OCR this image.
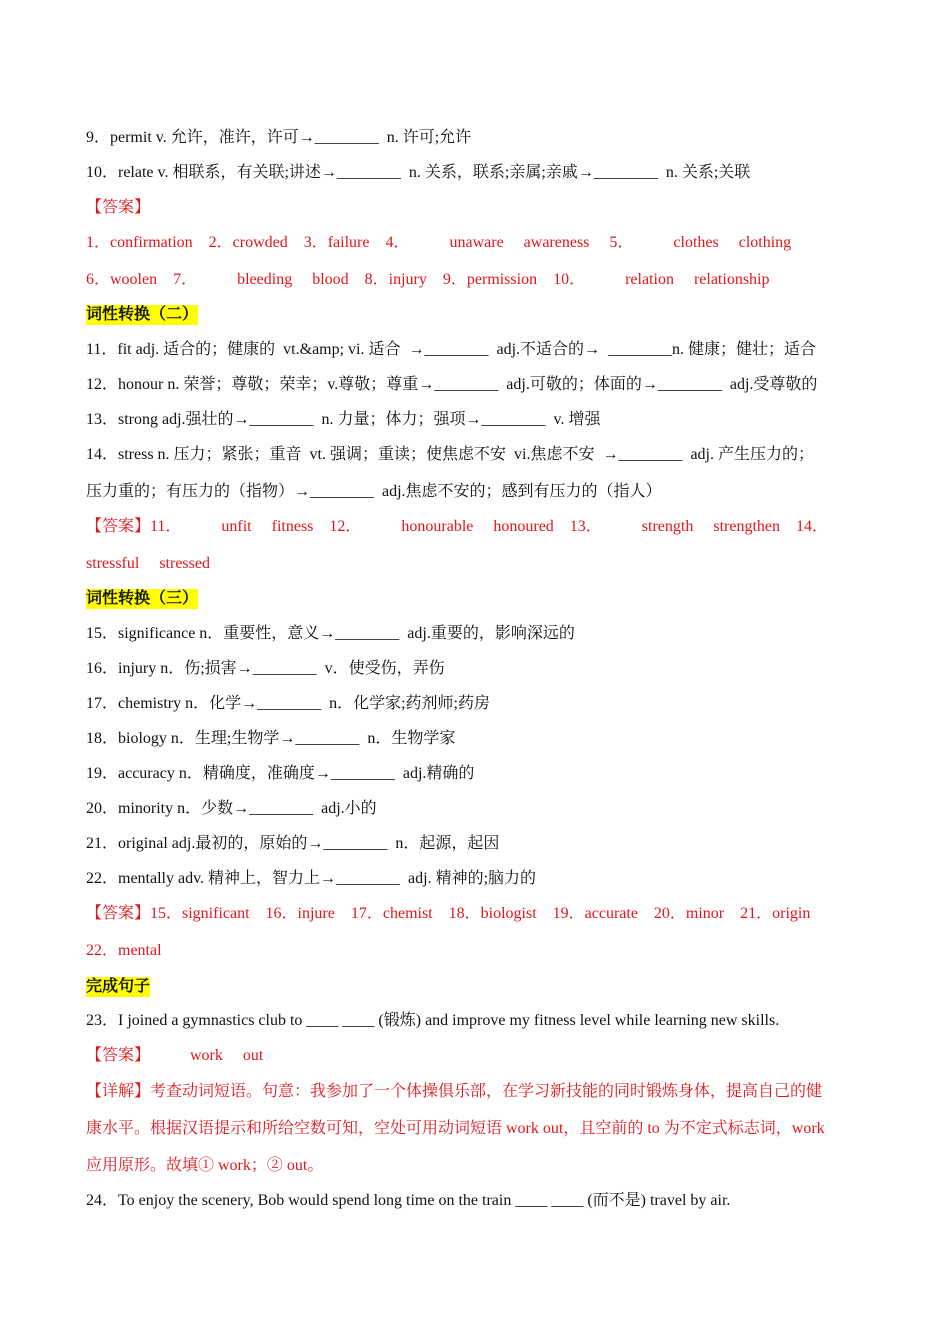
9．permit v. 允许，准许，许可→________  n. 许可;允许
10．relate v. 相联系，有关联;讲述→________  n. 关系，联系;亲属;亲戚→________  n. 关系;关联
【答案】
1．confirmation    2．crowded    3．failure    4．          unaware     awareness     5．          clothes     clothing
6．woolen    7．          bleeding     blood    8．injury    9．permission    10．          relation     relationship
词性转换（二）
11．fit adj. 适合的；健康的  vt.&amp; vi. 适合  →________  adj.不适合的→  ________n. 健康；健壮；适合
12．honour n. 荣誉；尊敬；荣幸；v.尊敬；尊重→________  adj.可敬的；体面的→________  adj.受尊敬的
13．strong adj.强壮的→________  n. 力量；体力；强项→________  v. 增强
14．stress n. 压力；紧张；重音  vt. 强调；重读；使焦虑不安  vi.焦虑不安  →________  adj. 产生压力的；
压力重的；有压力的（指物）→________  adj.焦虑不安的；感到有压力的（指人）
【答案】11．          unfit     fitness    12．          honourable     honoured    13．          strength     strengthen    14．
stressful     stressed
词性转换（三）
15．significance n．重要性，意义→________  adj.重要的，影响深远的
16．injury n．伤;损害→________  v．使受伤，弄伤
17．chemistry n．化学→________  n．化学家;药剂师;药房
18．biology n．生理;生物学→________  n．生物学家
19．accuracy n．精确度，准确度→________  adj.精确的
20．minority n．少数→________  adj.小的
21．original adj.最初的，原始的→________  n．起源，起因
22．mentally adv. 精神上，智力上→________  adj. 精神的;脑力的
【答案】15．significant    16．injure    17．chemist    18．biologist    19．accurate    20．minor    21．origin
22．mental
完成句子
23．I joined a gymnastics club to ____ ____ (锻炼) and improve my fitness level while learning new skills.
【答案】          work     out
【详解】考查动词短语。句意：我参加了一个体操俱乐部，在学习新技能的同时锻炼身体，提高自己的健
康水平。根据汉语提示和所给空数可知，空处可用动词短语 work out，且空前的 to 为不定式标志词，work
应用原形。故填① work；② out。
24．To enjoy the scenery, Bob would spend long time on the train ____ ____ (而不是) travel by air.
